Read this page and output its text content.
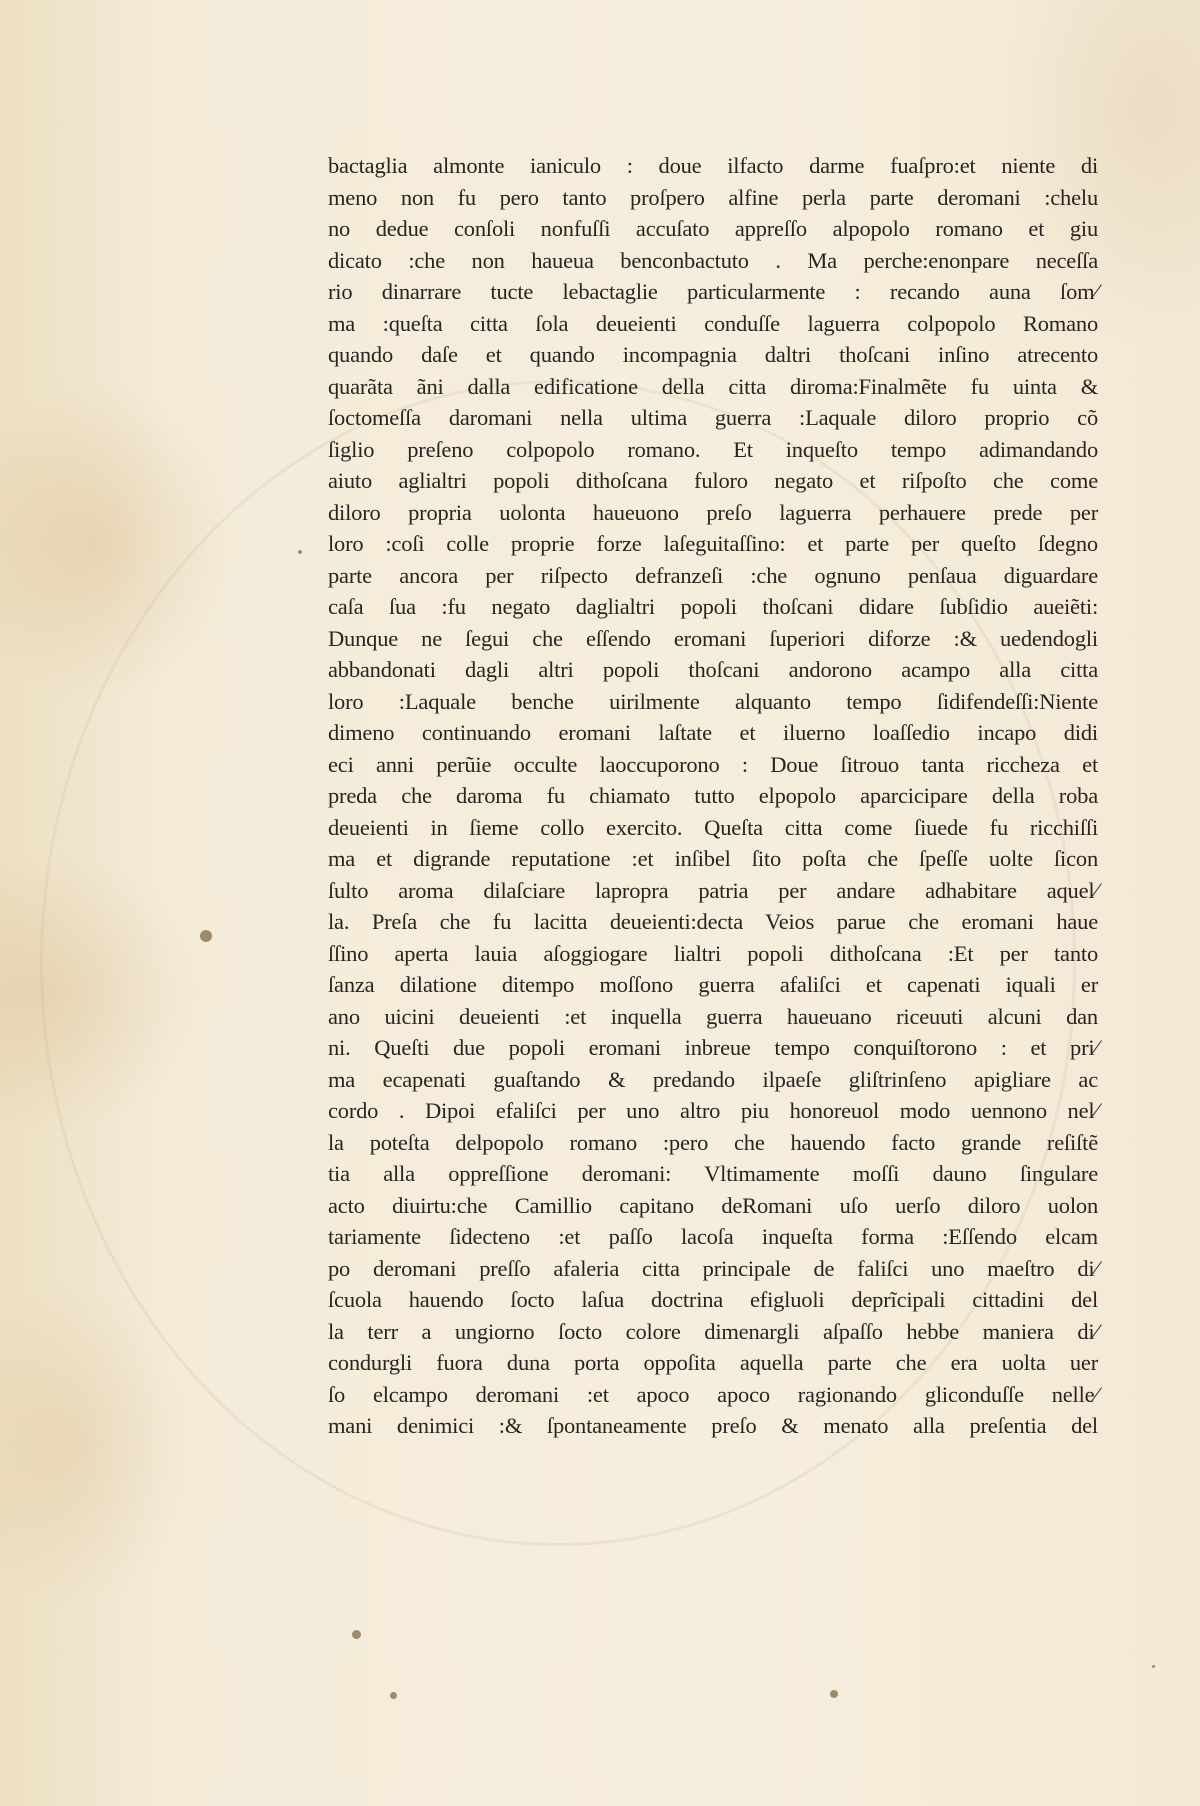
bactaglia almonte ianiculo : doue ilfacto darme fuaſpro:et niente di
meno non fu pero tanto proſpero alfine perla parte deromani :chelu
no dedue conſoli nonfuſſi accuſato appreſſo alpopolo romano et giu
dicato :che non haueua benconbactuto . Ma perche:enonpare neceſſa
rio dinarrare tucte lebactaglie particularmente : recando auna ſom⁄
ma :queſta citta ſola deueienti conduſſe laguerra colpopolo Romano
quando daſe et quando incompagnia daltri thoſcani inſino atrecento
quarãta ãni dalla edificatione della citta diroma:Finalmẽte fu uinta &
ſoctomeſſa daromani nella ultima guerra :Laquale diloro proprio cõ
ſiglio preſeno colpopolo romano. Et inqueſto tempo adimandando
aiuto aglialtri popoli dithoſcana fuloro negato et riſpoſto che come
diloro propria uolonta haueuono preſo laguerra perhauere prede per
loro :coſi colle proprie forze laſeguitaſſino: et parte per queſto ſdegno
parte ancora per riſpecto defranzeſi :che ognuno penſaua diguardare
caſa ſua :fu negato daglialtri popoli thoſcani didare ſubſidio aueiẽti:
Dunque ne ſegui che eſſendo eromani ſuperiori diforze :& uedendogli
abbandonati dagli altri popoli thoſcani andorono acampo alla citta
loro :Laquale benche uirilmente alquanto tempo ſidifendeſſi:Niente
dimeno continuando eromani laſtate et iluerno loaſſedio incapo didi
eci anni perũie occulte laoccuporono : Doue ſitrouo tanta riccheza et
preda che daroma fu chiamato tutto elpopolo aparcicipare della roba
deueienti in ſieme collo exercito. Queſta citta come ſiuede fu ricchiſſi
ma et digrande reputatione :et inſibel ſito poſta che ſpeſſe uolte ſicon
ſulto aroma dilaſciare lapropra patria per andare adhabitare aquel⁄
la. Preſa che fu lacitta deueienti:decta Veios parue che eromani haue
ſſino aperta lauia aſoggiogare lialtri popoli dithoſcana :Et per tanto
ſanza dilatione ditempo moſſono guerra afaliſci et capenati iquali er
ano uicini deueienti :et inquella guerra haueuano riceuuti alcuni dan
ni. Queſti due popoli eromani inbreue tempo conquiſtorono : et pri⁄
ma ecapenati guaſtando & predando ilpaeſe gliſtrinſeno apigliare ac
cordo . Dipoi efaliſci per uno altro piu honoreuol modo uennono nel⁄
la poteſta delpopolo romano :pero che hauendo facto grande reſiſtẽ
tia alla oppreſſione deromani: Vltimamente moſſi dauno ſingulare
acto diuirtu:che Camillio capitano deRomani uſo uerſo diloro uolon
tariamente ſidecteno :et paſſo lacoſa inqueſta forma :Eſſendo elcam
po deromani preſſo afaleria citta principale de faliſci uno maeſtro di⁄
ſcuola hauendo ſocto laſua doctrina efigluoli deprĩcipali cittadini del
la terr a ungiorno ſocto colore dimenargli aſpaſſo hebbe maniera di⁄
condurgli fuora duna porta oppoſita aquella parte che era uolta uer
ſo elcampo deromani :et apoco apoco ragionando gliconduſſe nelle⁄
mani denimici :& ſpontaneamente preſo & menato alla preſentia del
